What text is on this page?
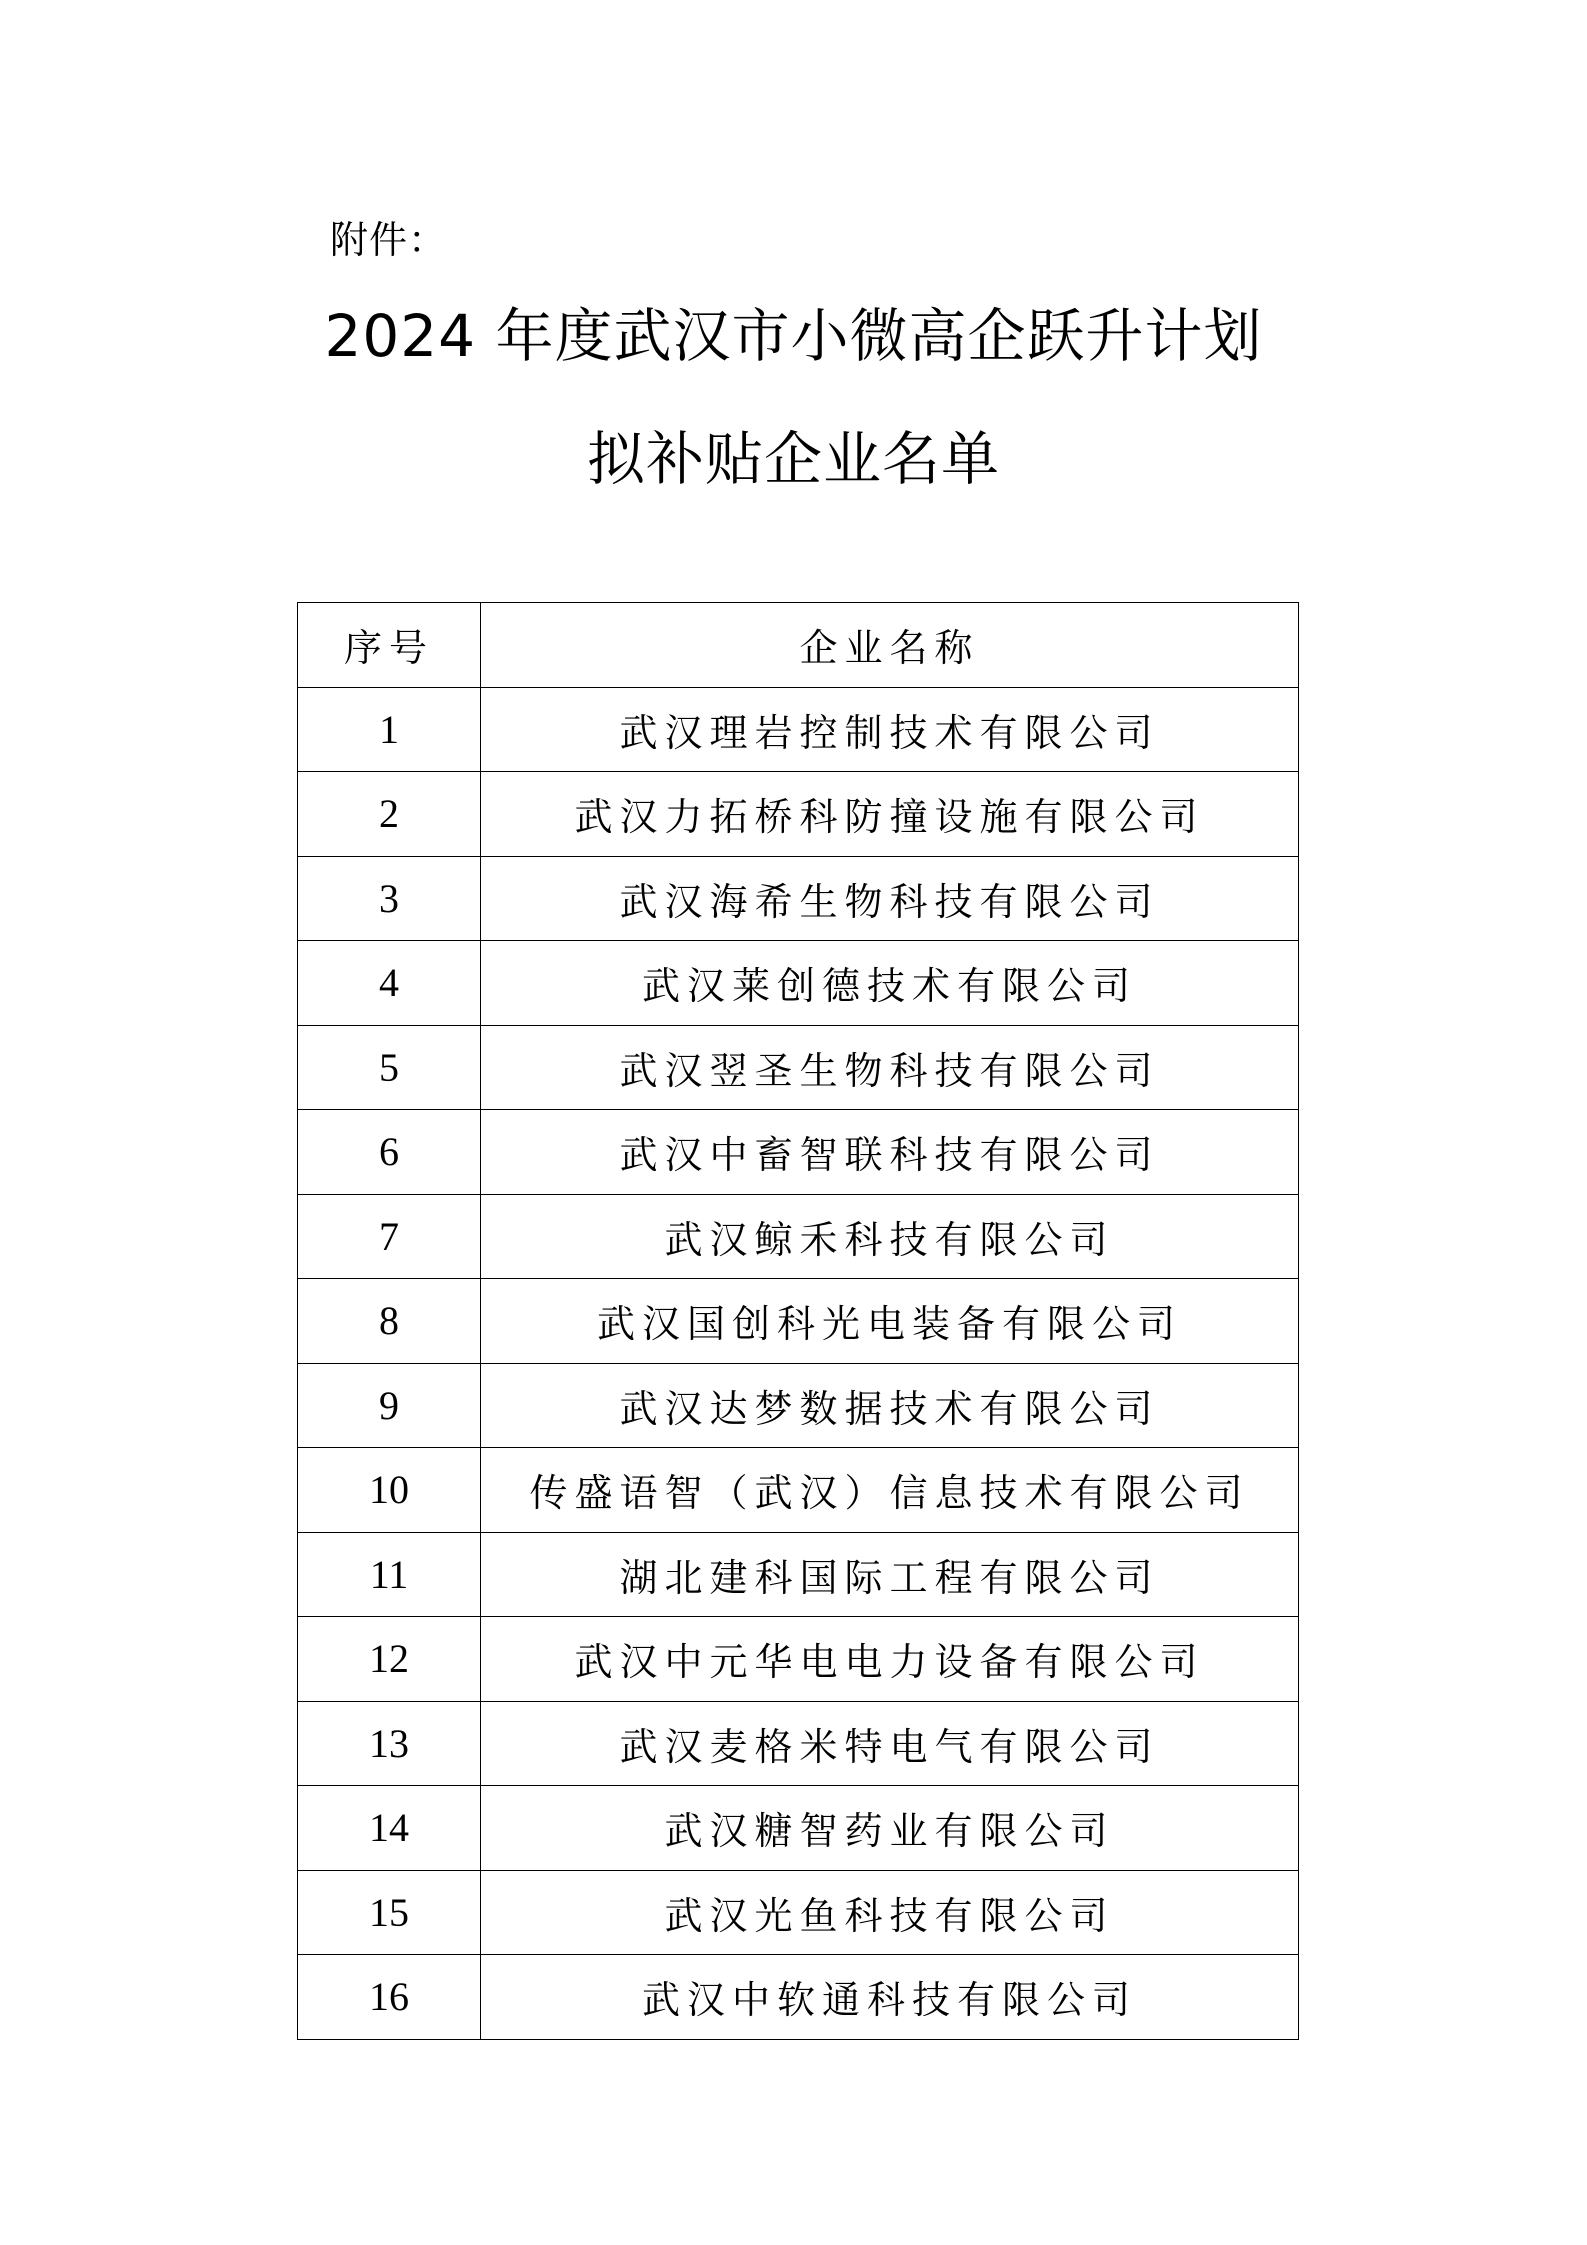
附件：
2024 年度武汉市小微高企跃升计划
拟补贴企业名单
序号	企业名称
1	武汉理岩控制技术有限公司
2	武汉力拓桥科防撞设施有限公司
3	武汉海希生物科技有限公司
4	武汉莱创德技术有限公司
5	武汉翌圣生物科技有限公司
6	武汉中畜智联科技有限公司
7	武汉鲸禾科技有限公司
8	武汉国创科光电装备有限公司
9	武汉达梦数据技术有限公司
10	传盛语智（武汉）信息技术有限公司
11	湖北建科国际工程有限公司
12	武汉中元华电电力设备有限公司
13	武汉麦格米特电气有限公司
14	武汉糖智药业有限公司
15	武汉光鱼科技有限公司
16	武汉中软通科技有限公司
